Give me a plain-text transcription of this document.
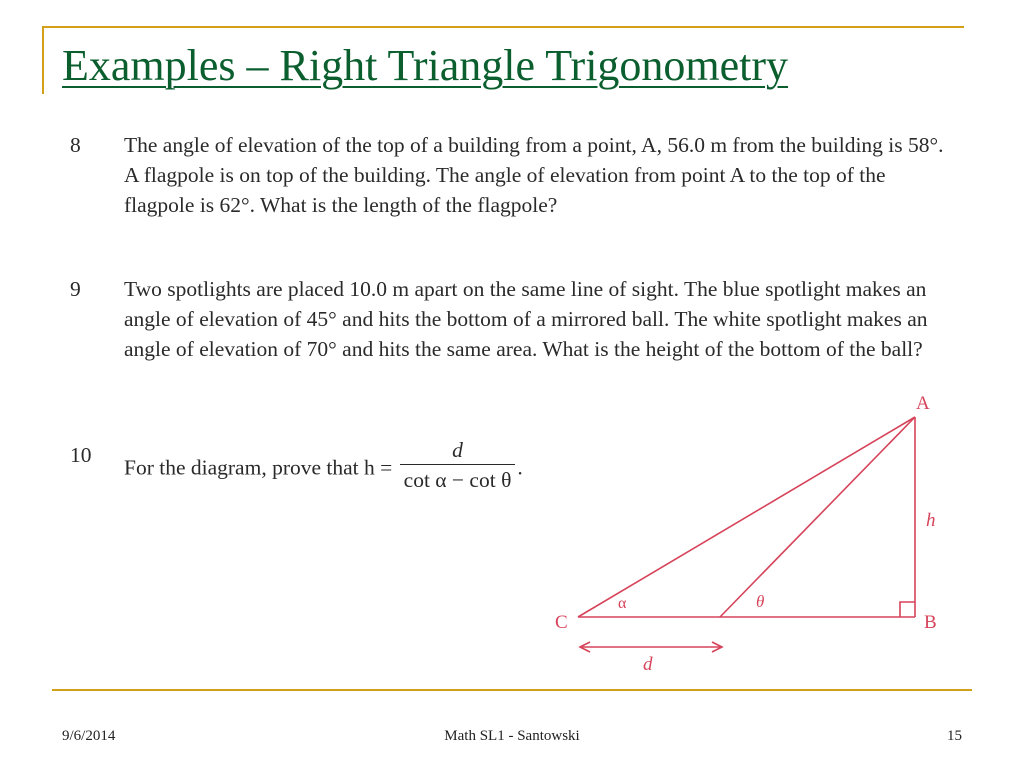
Examples – Right Triangle Trigonometry
8	The angle of elevation of the top of a building from a point, A, 56.0 m from the building is 58°. A flagpole is on top of the building. The angle of elevation from point A to the top of the flagpole is 62°. What is the length of the flagpole?
9	Two spotlights are placed 10.0 m apart on the same line of sight. The blue spotlight makes an angle of elevation of 45° and hits the bottom of a mirrored ball. The white spotlight makes an angle of elevation of 70° and hits the same area. What is the height of the bottom of the ball?
10
For the diagram, prove that $h = \frac{d}{\text{cot α − cot θ}}$ .
A
B
C
h
d
α	θ
9/6/2014	Math SL1 - Santowski	15
